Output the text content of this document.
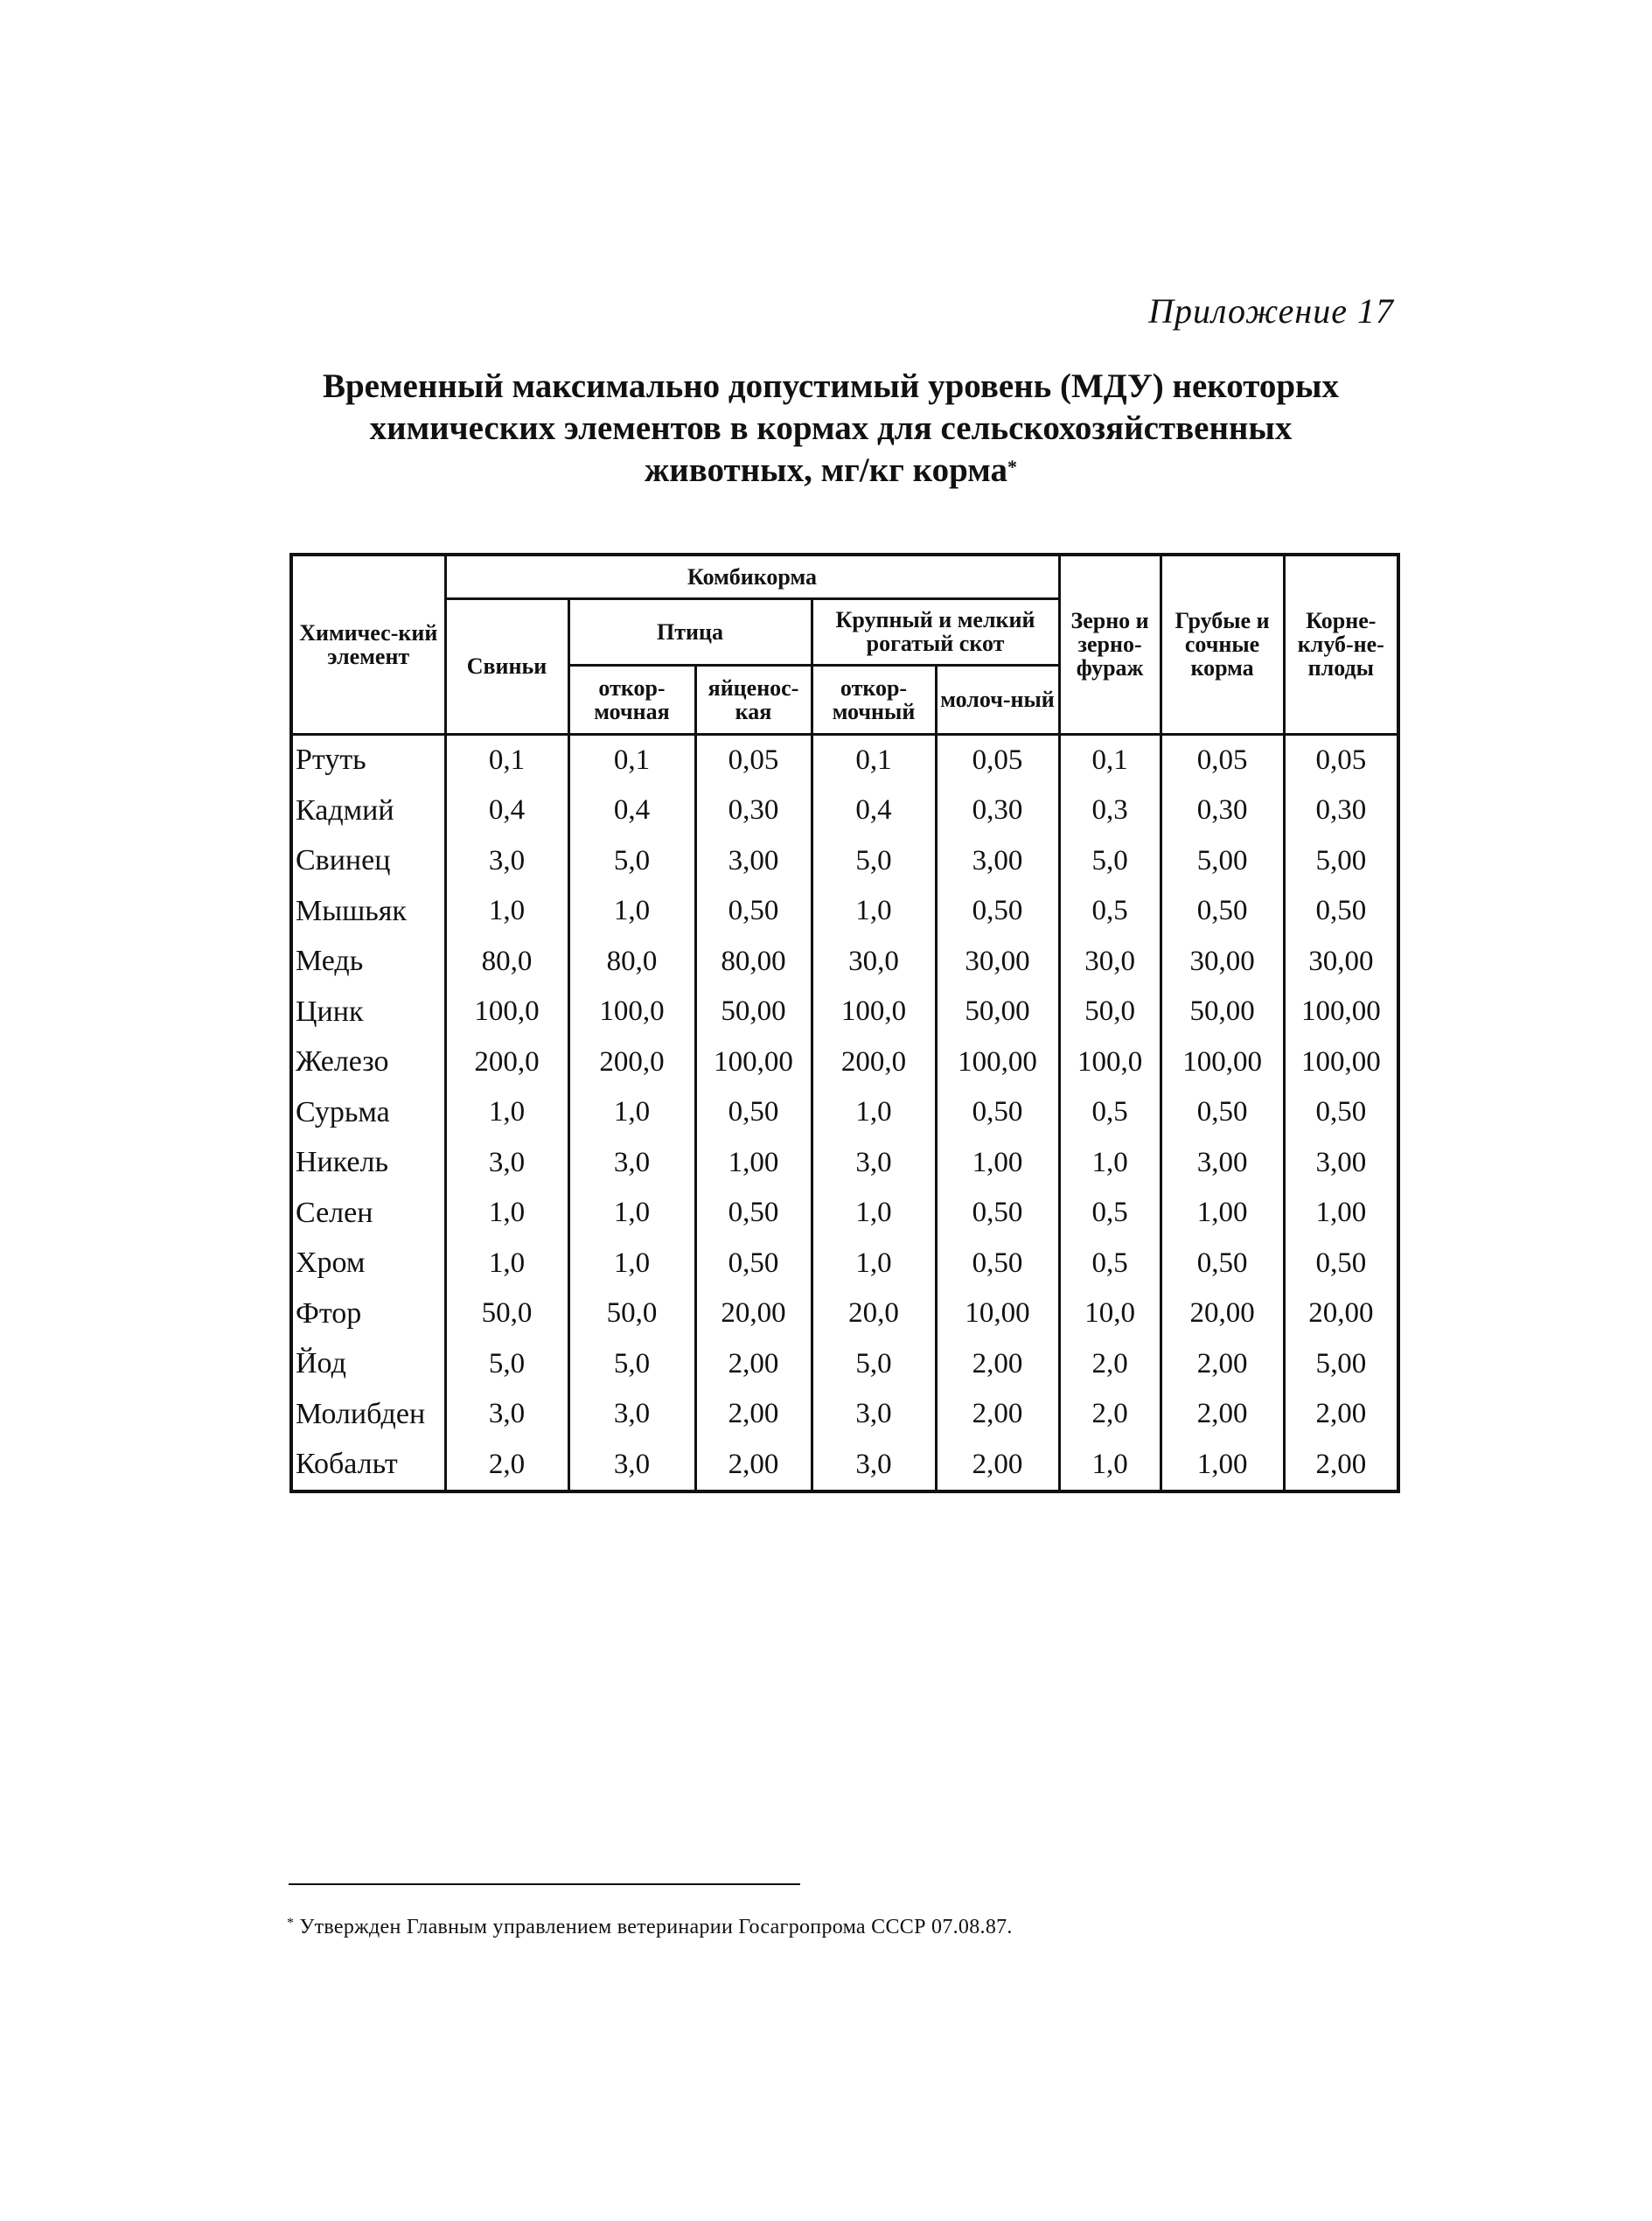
Приложение 17
Временный максимально допустимый уровень (МДУ) некоторых
химических элементов в кормах для сельскохозяйственных
животных, мг/кг корма*
Химичес-кий элемент	Комбикорма					Зерно и зерно-фураж	Грубые и сочные корма	Корне-клуб-не-плоды
	Свиньи	Птица		Крупный и мелкий рогатый скот				
		откор-мочная	яйценос-кая	откор-мочный	молоч-ный			
Ртуть	0,1	0,1	0,05	0,1	0,05	0,1	0,05	0,05
Кадмий	0,4	0,4	0,30	0,4	0,30	0,3	0,30	0,30
Свинец	3,0	5,0	3,00	5,0	3,00	5,0	5,00	5,00
Мышьяк	1,0	1,0	0,50	1,0	0,50	0,5	0,50	0,50
Медь	80,0	80,0	80,00	30,0	30,00	30,0	30,00	30,00
Цинк	100,0	100,0	50,00	100,0	50,00	50,0	50,00	100,00
Железо	200,0	200,0	100,00	200,0	100,00	100,0	100,00	100,00
Сурьма	1,0	1,0	0,50	1,0	0,50	0,5	0,50	0,50
Никель	3,0	3,0	1,00	3,0	1,00	1,0	3,00	3,00
Селен	1,0	1,0	0,50	1,0	0,50	0,5	1,00	1,00
Хром	1,0	1,0	0,50	1,0	0,50	0,5	0,50	0,50
Фтор	50,0	50,0	20,00	20,0	10,00	10,0	20,00	20,00
Йод	5,0	5,0	2,00	5,0	2,00	2,0	2,00	5,00
Молибден	3,0	3,0	2,00	3,0	2,00	2,0	2,00	2,00
Кобальт	2,0	3,0	2,00	3,0	2,00	1,0	1,00	2,00
* Утвержден Главным управлением ветеринарии Госагропрома СССР 07.08.87.
